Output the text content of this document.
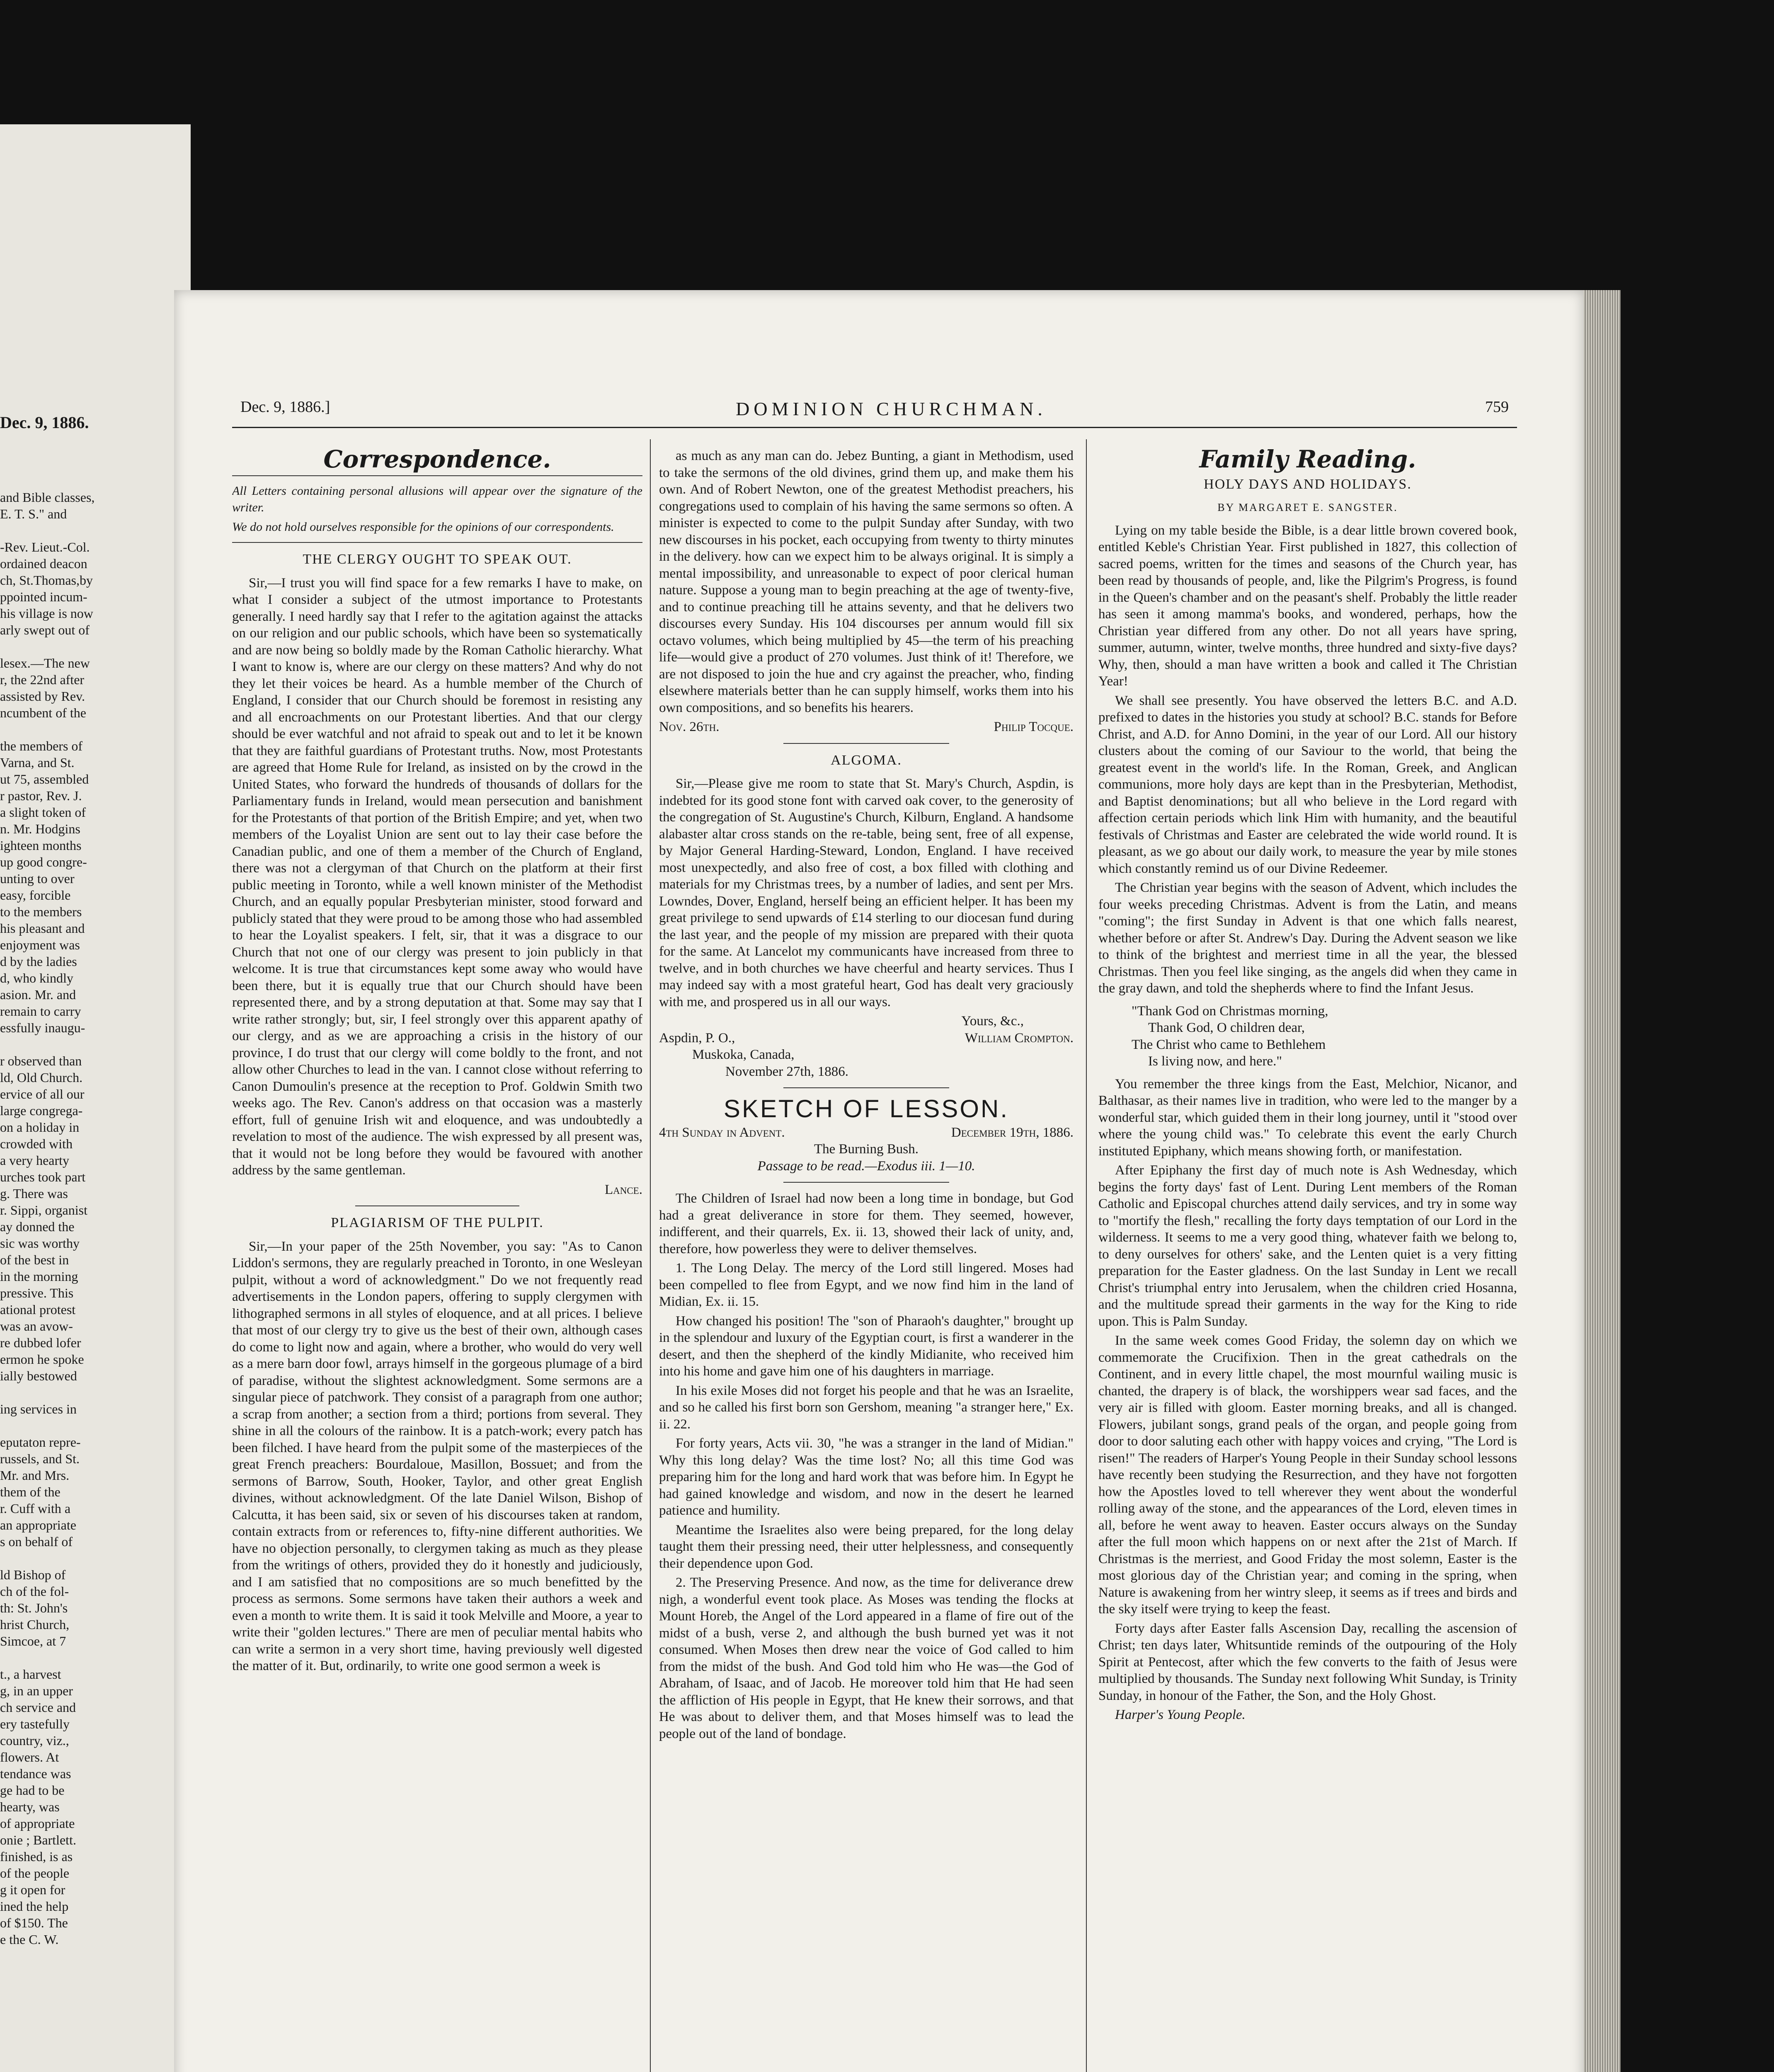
Dec. 9, 1886.

and Bible classes,
E. T. S." and

-Rev. Lieut.-Col.
ordained deacon
ch, St.Thomas,by
ppointed incum-
his village is now
arly swept out of

lesex.—The new
r, the 22nd after
assisted by Rev.
ncumbent of the

the members of
Varna, and St.
ut 75, assembled
r pastor, Rev. J.
a slight token of
n. Mr. Hodgins
ighteen months
up good congre-
unting to over
easy, forcible
to the members
his pleasant and
enjoyment was
d by the ladies
d, who kindly
asion. Mr. and
remain to carry
essfully inaugu-

r observed than
ld, Old Church.
ervice of all our
large congrega-
on a holiday in
crowded with
a very hearty
urches took part
g. There was
r. Sippi, organist
ay donned the
sic was worthy
of the best in
in the morning
pressive. This
ational protest
was an avow-
re dubbed lofer
ermon he spoke
ially bestowed

ing services in

eputaton repre-
russels, and St.
Mr. and Mrs.
them of the
r. Cuff with a
an appropriate
s on behalf of

ld Bishop of
ch of the fol-
th: St. John's
hrist Church,
Simcoe, at 7

t., a harvest
g, in an upper
ch service and
ery tastefully
country, viz.,
flowers. At
tendance was
ge had to be
hearty, was
of appropriate
onie ; Bartlett.
finished, is as
of the people
g it open for
ined the help
of $150. The
e the C. W.

Dec. 9, 1886.]	DOMINION CHURCHMAN.	759
Correspondence.
All Letters containing personal allusions will appear over the signature of the writer.
We do not hold ourselves responsible for the opinions of our correspondents.
THE CLERGY OUGHT TO SPEAK OUT.

Sir,—I trust you will find space for a few remarks I have to make, on what I consider a subject of the utmost importance to Protestants generally. I need hardly say that I refer to the agitation against the attacks on our religion and our public schools, which have been so systematically and are now being so boldly made by the Roman Catholic hierarchy. What I want to know is, where are our clergy on these matters? And why do not they let their voices be heard. As a humble member of the Church of England, I consider that our Church should be foremost in resisting any and all encroachments on our Protestant liberties. And that our clergy should be ever watchful and not afraid to speak out and to let it be known that they are faithful guardians of Protestant truths. Now, most Protestants are agreed that Home Rule for Ireland, as insisted on by the crowd in the United States, who forward the hundreds of thousands of dollars for the Parliamentary funds in Ireland, would mean persecution and banishment for the Protestants of that portion of the British Empire; and yet, when two members of the Loyalist Union are sent out to lay their case before the Canadian public, and one of them a member of the Church of England, there was not a clergyman of that Church on the platform at their first public meeting in Toronto, while a well known minister of the Methodist Church, and an equally popular Presbyterian minister, stood forward and publicly stated that they were proud to be among those who had assembled to hear the Loyalist speakers. I felt, sir, that it was a disgrace to our Church that not one of our clergy was present to join publicly in that welcome. It is true that circumstances kept some away who would have been there, but it is equally true that our Church should have been represented there, and by a strong deputation at that. Some may say that I write rather strongly; but, sir, I feel strongly over this apparent apathy of our clergy, and as we are approaching a crisis in the history of our province, I do trust that our clergy will come boldly to the front, and not allow other Churches to lead in the van. I cannot close without referring to Canon Dumoulin's presence at the reception to Prof. Goldwin Smith two weeks ago. The Rev. Canon's address on that occasion was a masterly effort, full of genuine Irish wit and eloquence, and was undoubtedly a revelation to most of the audience. The wish expressed by all present was, that it would not be long before they would be favoured with another address by the same gentleman.

Lance.
PLAGIARISM OF THE PULPIT.

Sir,—In your paper of the 25th November, you say: "As to Canon Liddon's sermons, they are regularly preached in Toronto, in one Wesleyan pulpit, without a word of acknowledgment." Do we not frequently read advertisements in the London papers, offering to supply clergymen with lithographed sermons in all styles of eloquence, and at all prices. I believe that most of our clergy try to give us the best of their own, although cases do come to light now and again, where a brother, who would do very well as a mere barn door fowl, arrays himself in the gorgeous plumage of a bird of paradise, without the slightest acknowledgment. Some sermons are a singular piece of patchwork. They consist of a paragraph from one author; a scrap from another; a section from a third; portions from several. They shine in all the colours of the rainbow. It is a patch-work; every patch has been filched. I have heard from the pulpit some of the masterpieces of the great French preachers: Bourdaloue, Masillon, Bossuet; and from the sermons of Barrow, South, Hooker, Taylor, and other great English divines, without acknowledgment. Of the late Daniel Wilson, Bishop of Calcutta, it has been said, six or seven of his discourses taken at random, contain extracts from or references to, fifty-nine different authorities. We have no objection personally, to clergymen taking as much as they please from the writings of others, provided they do it honestly and judiciously, and I am satisfied that no compositions are so much benefitted by the process as sermons. Some sermons have taken their authors a week and even a month to write them. It is said it took Melville and Moore, a year to write their "golden lectures." There are men of peculiar mental habits who can write a sermon in a very short time, having previously well digested the matter of it. But, ordinarily, to write one good sermon a week is

as much as any man can do. Jebez Bunting, a giant in Methodism, used to take the sermons of the old divines, grind them up, and make them his own. And of Robert Newton, one of the greatest Methodist preachers, his congregations used to complain of his having the same sermons so often. A minister is expected to come to the pulpit Sunday after Sunday, with two new discourses in his pocket, each occupying from twenty to thirty minutes in the delivery. how can we expect him to be always original. It is simply a mental impossibility, and unreasonable to expect of poor clerical human nature. Suppose a young man to begin preaching at the age of twenty-five, and to continue preaching till he attains seventy, and that he delivers two discourses every Sunday. His 104 discourses per annum would fill six octavo volumes, which being multiplied by 45—the term of his preaching life—would give a product of 270 volumes. Just think of it! Therefore, we are not disposed to join the hue and cry against the preacher, who, finding elsewhere materials better than he can supply himself, works them into his own compositions, and so benefits his hearers.

Nov. 26th.	Philip Tocque.
ALGOMA.

Sir,—Please give me room to state that St. Mary's Church, Aspdin, is indebted for its good stone font with carved oak cover, to the generosity of the congregation of St. Augustine's Church, Kilburn, England. A handsome alabaster altar cross stands on the re-table, being sent, free of all expense, by Major General Harding-Steward, London, England. I have received most unexpectedly, and also free of cost, a box filled with clothing and materials for my Christmas trees, by a number of ladies, and sent per Mrs. Lowndes, Dover, England, herself being an efficient helper. It has been my great privilege to send upwards of £14 sterling to our diocesan fund during the last year, and the people of my mission are prepared with their quota for the same. At Lancelot my communicants have increased from three to twelve, and in both churches we have cheerful and hearty services. Thus I may indeed say with a most grateful heart, God has dealt very graciously with me, and prospered us in all our ways.

Yours, &c.,
Aspdin, P. O.,	William Crompton.
Muskoka, Canada,
November 27th, 1886.
SKETCH OF LESSON.
4th Sunday in Advent.	December 19th, 1886.
The Burning Bush.
Passage to be read.—Exodus iii. 1—10.

The Children of Israel had now been a long time in bondage, but God had a great deliverance in store for them. They seemed, however, indifferent, and their quarrels, Ex. ii. 13, showed their lack of unity, and, therefore, how powerless they were to deliver themselves.

1. The Long Delay. The mercy of the Lord still lingered. Moses had been compelled to flee from Egypt, and we now find him in the land of Midian, Ex. ii. 15.

How changed his position! The "son of Pharaoh's daughter," brought up in the splendour and luxury of the Egyptian court, is first a wanderer in the desert, and then the shepherd of the kindly Midianite, who received him into his home and gave him one of his daughters in marriage.

In his exile Moses did not forget his people and that he was an Israelite, and so he called his first born son Gershom, meaning "a stranger here," Ex. ii. 22.

For forty years, Acts vii. 30, "he was a stranger in the land of Midian." Why this long delay? Was the time lost? No; all this time God was preparing him for the long and hard work that was before him. In Egypt he had gained knowledge and wisdom, and now in the desert he learned patience and humility.

Meantime the Israelites also were being prepared, for the long delay taught them their pressing need, their utter helplessness, and consequently their dependence upon God.

2. The Preserving Presence. And now, as the time for deliverance drew nigh, a wonderful event took place. As Moses was tending the flocks at Mount Horeb, the Angel of the Lord appeared in a flame of fire out of the midst of a bush, verse 2, and although the bush burned yet was it not consumed. When Moses then drew near the voice of God called to him from the midst of the bush. And God told him who He was—the God of Abraham, of Isaac, and of Jacob. He moreover told him that He had seen the affliction of His people in Egypt, that He knew their sorrows, and that He was about to deliver them, and that Moses himself was to lead the people out of the land of bondage.

Family Reading.
HOLY DAYS AND HOLIDAYS.
BY MARGARET E. SANGSTER.

Lying on my table beside the Bible, is a dear little brown covered book, entitled Keble's Christian Year. First published in 1827, this collection of sacred poems, written for the times and seasons of the Church year, has been read by thousands of people, and, like the Pilgrim's Progress, is found in the Queen's chamber and on the peasant's shelf. Probably the little reader has seen it among mamma's books, and wondered, perhaps, how the Christian year differed from any other. Do not all years have spring, summer, autumn, winter, twelve months, three hundred and sixty-five days? Why, then, should a man have written a book and called it The Christian Year!

We shall see presently. You have observed the letters B.C. and A.D. prefixed to dates in the histories you study at school? B.C. stands for Before Christ, and A.D. for Anno Domini, in the year of our Lord. All our history clusters about the coming of our Saviour to the world, that being the greatest event in the world's life. In the Roman, Greek, and Anglican communions, more holy days are kept than in the Presbyterian, Methodist, and Baptist denominations; but all who believe in the Lord regard with affection certain periods which link Him with humanity, and the beautiful festivals of Christmas and Easter are celebrated the wide world round. It is pleasant, as we go about our daily work, to measure the year by mile stones which constantly remind us of our Divine Redeemer.

The Christian year begins with the season of Advent, which includes the four weeks preceding Christmas. Advent is from the Latin, and means "coming"; the first Sunday in Advent is that one which falls nearest, whether before or after St. Andrew's Day. During the Advent season we like to think of the brightest and merriest time in all the year, the blessed Christmas. Then you feel like singing, as the angels did when they came in the gray dawn, and told the shepherds where to find the Infant Jesus.

"Thank God on Christmas morning,
Thank God, O children dear,
The Christ who came to Bethlehem
Is living now, and here."

You remember the three kings from the East, Melchior, Nicanor, and Balthasar, as their names live in tradition, who were led to the manger by a wonderful star, which guided them in their long journey, until it "stood over where the young child was." To celebrate this event the early Church instituted Epiphany, which means showing forth, or manifestation.

After Epiphany the first day of much note is Ash Wednesday, which begins the forty days' fast of Lent. During Lent members of the Roman Catholic and Episcopal churches attend daily services, and try in some way to "mortify the flesh," recalling the forty days temptation of our Lord in the wilderness. It seems to me a very good thing, whatever faith we belong to, to deny ourselves for others' sake, and the Lenten quiet is a very fitting preparation for the Easter gladness. On the last Sunday in Lent we recall Christ's triumphal entry into Jerusalem, when the children cried Hosanna, and the multitude spread their garments in the way for the King to ride upon. This is Palm Sunday.

In the same week comes Good Friday, the solemn day on which we commemorate the Crucifixion. Then in the great cathedrals on the Continent, and in every little chapel, the most mournful wailing music is chanted, the drapery is of black, the worshippers wear sad faces, and the very air is filled with gloom. Easter morning breaks, and all is changed. Flowers, jubilant songs, grand peals of the organ, and people going from door to door saluting each other with happy voices and crying, "The Lord is risen!" The readers of Harper's Young People in their Sunday school lessons have recently been studying the Resurrection, and they have not forgotten how the Apostles loved to tell wherever they went about the wonderful rolling away of the stone, and the appearances of the Lord, eleven times in all, before he went away to heaven. Easter occurs always on the Sunday after the full moon which happens on or next after the 21st of March. If Christmas is the merriest, and Good Friday the most solemn, Easter is the most glorious day of the Christian year; and coming in the spring, when Nature is awakening from her wintry sleep, it seems as if trees and birds and the sky itself were trying to keep the feast.

Forty days after Easter falls Ascension Day, recalling the ascension of Christ; ten days later, Whitsuntide reminds of the outpouring of the Holy Spirit at Pentecost, after which the few converts to the faith of Jesus were multiplied by thousands. The Sunday next following Whit Sunday, is Trinity Sunday, in honour of the Father, the Son, and the Holy Ghost.

Harper's Young People.
